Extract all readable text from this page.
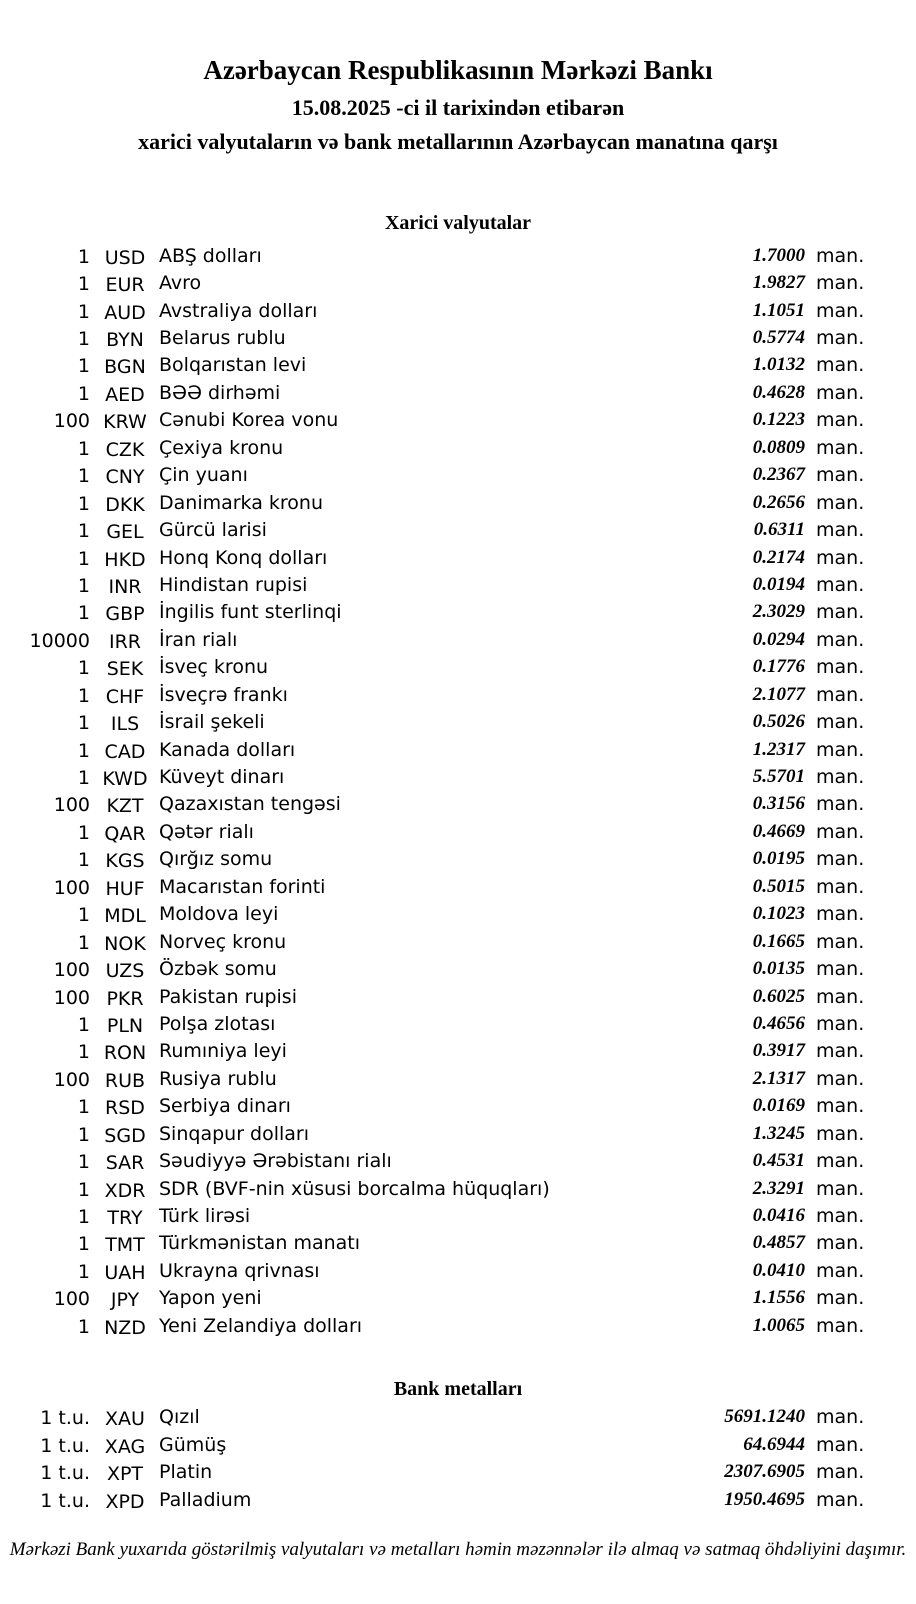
Azərbaycan Respublikasının Mərkəzi Bankı
15.08.2025 -ci il tarixindən etibarən
xarici valyutaların və bank metallarının Azərbaycan manatına qarşı
Xarici valyutalar
1 USD ABŞ dolları	1.7000 man.
1 EUR Avro	1.9827 man.
1 AUD Avstraliya dolları	1.1051 man.
1 BYN Belarus rublu	0.5774 man.
1 BGN Bolqarıstan levi	1.0132 man.
1 AED BƏƏ dirhəmi	0.4628 man.
100 KRW Cənubi Korea vonu	0.1223 man.
1 CZK Çexiya kronu	0.0809 man.
1 CNY Çin yuanı	0.2367 man.
1 DKK Danimarka kronu	0.2656 man.
1 GEL Gürcü larisi	0.6311 man.
1 HKD Honq Konq dolları	0.2174 man.
1 INR Hindistan rupisi	0.0194 man.
1 GBP İngilis funt sterlinqi	2.3029 man.
10000 IRR İran rialı	0.0294 man.
1 SEK İsveç kronu	0.1776 man.
1 CHF İsveçrə frankı	2.1077 man.
1	ILS	İsrail şekeli	0.5026 man.
1 CAD Kanada dolları	1.2317 man.
1 KWD Küveyt dinarı	5.5701 man.
100 KZT Qazaxıstan tengəsi	0.3156 man.
1 QAR Qətər rialı	0.4669 man.
1 KGS Qırğız somu	0.0195 man.
100 HUF Macarıstan forinti	0.5015 man.
1 MDL Moldova leyi	0.1023 man.
1 NOK Norveç kronu	0.1665 man.
100 UZS Özbək somu	0.0135 man.
100 PKR Pakistan rupisi	0.6025 man.
1 PLN Polşa zlotası	0.4656 man.
1 RON Rumıniya leyi	0.3917 man.
100 RUB Rusiya rublu	2.1317 man.
1 RSD Serbiya dinarı	0.0169 man.
1 SGD Sinqapur dolları	1.3245 man.
1 SAR Səudiyyə Ərəbistanı rialı	0.4531 man.
1 XDR SDR (BVF-nin xüsusi borcalma hüquqları)	2.3291 man.
1 TRY Türk lirəsi	0.0416 man.
1 TMT Türkmənistan manatı	0.4857 man.
1 UAH Ukrayna qrivnası	0.0410 man.
100	JPY	Yapon yeni	1.1556 man.
1 NZD Yeni Zelandiya dolları	1.0065 man.
Bank metalları
1 t.u. XAU Qızıl	5691.1240 man.
1 t.u. XAG Gümüş	64.6944 man.
1 t.u. XPT Platin	2307.6905 man.
1 t.u. XPD Palladium	1950.4695 man.
Mərkəzi Bank yuxarıda göstərilmiş valyutaları və metalları həmin məzənnələr ilə almaq və satmaq öhdəliyini daşımır.
